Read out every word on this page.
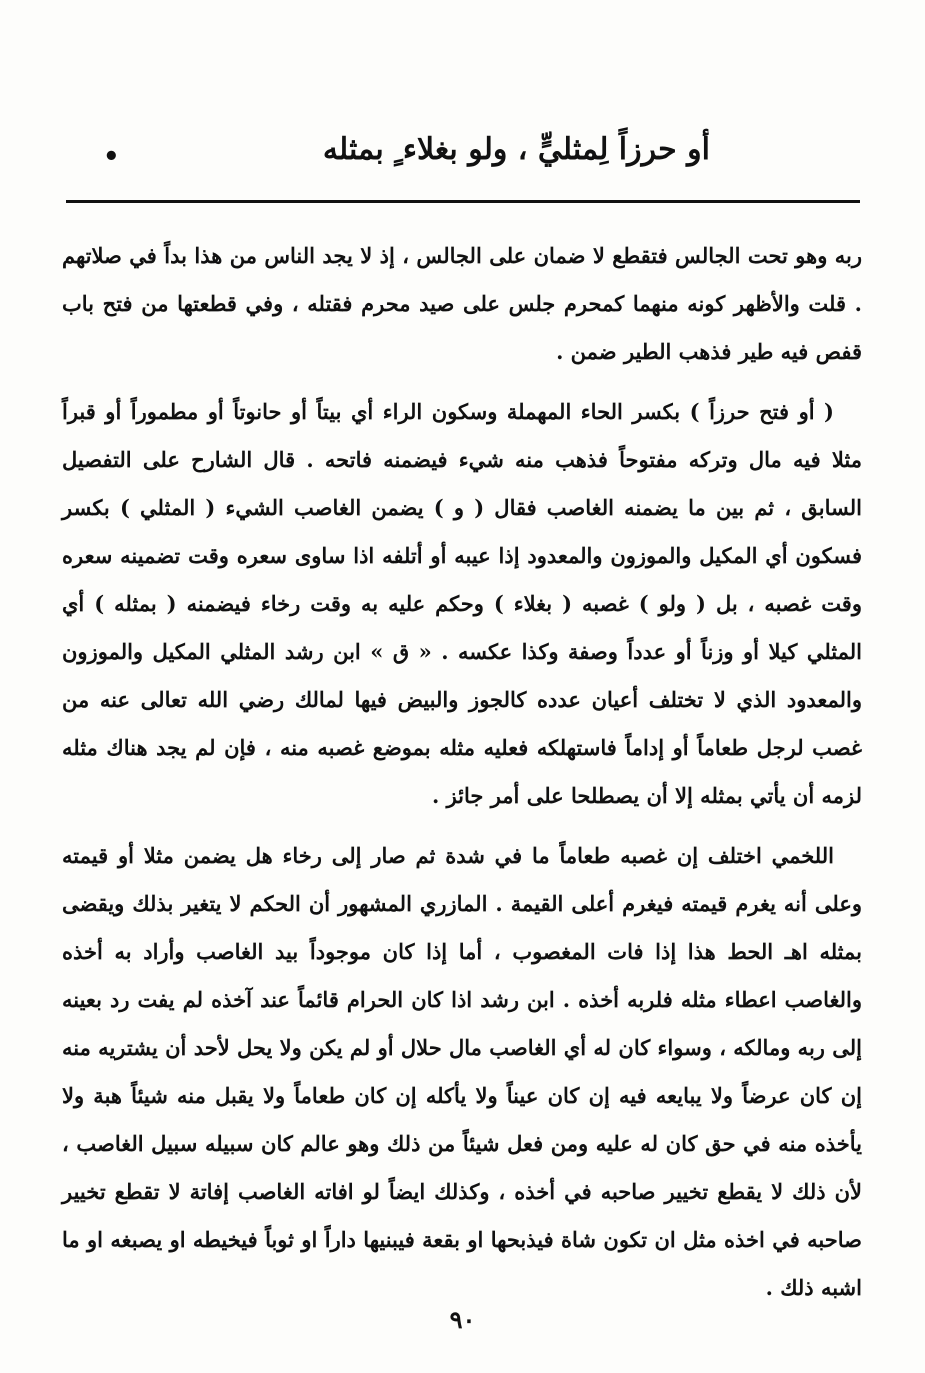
أو حرزاً لِمثليٍّ ، ولو بغلاء ٍ بمثله
•

ربه وهو تحت الجالس فتقطع لا ضمان على الجالس ، إذ لا يجد الناس من هذا بداً في صلاتهم . قلت والأظهر كونه منهما كمحرم جلس على صيد محرم فقتله ، وفي قطعتها من فتح باب قفص فيه طير فذهب الطير ضمن .

( أو فتح حرزاً ) بكسر الحاء المهملة وسكون الراء أي بيتاً أو حانوتاً أو مطموراً أو قبراً مثلا فيه مال وتركه مفتوحاً فذهب منه شيء فيضمنه فاتحه . قال الشارح على التفصيل السابق ، ثم بين ما يضمنه الغاصب فقال ( و ) يضمن الغاصب الشيء ( المثلي ) بكسر فسكون أي المكيل والموزون والمعدود إذا عيبه أو أتلفه اذا ساوى سعره وقت تضمينه سعره وقت غصبه ، بل ( ولو ) غصبه ( بغلاء ) وحكم عليه به وقت رخاء فيضمنه ( بمثله ) أي المثلي كيلا أو وزناً أو عدداً وصفة وكذا عكسه . « ق » ابن رشد المثلي المكيل والموزون والمعدود الذي لا تختلف أعيان عدده كالجوز والبيض فيها لمالك رضي الله تعالى عنه من غصب لرجل طعاماً أو إداماً فاستهلكه فعليه مثله بموضع غصبه منه ، فإن لم يجد هناك مثله لزمه أن يأتي بمثله إلا أن يصطلحا على أمر جائز .

اللخمي اختلف إن غصبه طعاماً ما في شدة ثم صار إلى رخاء هل يضمن مثلا أو قيمته وعلى أنه يغرم قيمته فيغرم أعلى القيمة . المازري المشهور أن الحكم لا يتغير بذلك ويقضى بمثله اهـ الحط هذا إذا فات المغصوب ، أما إذا كان موجوداً بيد الغاصب وأراد به أخذه والغاصب اعطاء مثله فلربه أخذه . ابن رشد اذا كان الحرام قائماً عند آخذه لم يفت رد بعينه إلى ربه ومالكه ، وسواء كان له أي الغاصب مال حلال أو لم يكن ولا يحل لأحد أن يشتريه منه إن كان عرضاً ولا يبايعه فيه إن كان عيناً ولا يأكله إن كان طعاماً ولا يقبل منه شيئاً هبة ولا يأخذه منه في حق كان له عليه ومن فعل شيئاً من ذلك وهو عالم كان سبيله سبيل الغاصب ، لأن ذلك لا يقطع تخيير صاحبه في أخذه ، وكذلك ايضاً لو افاته الغاصب إفاتة لا تقطع تخيير صاحبه في اخذه مثل ان تكون شاة فيذبحها او بقعة فيبنيها داراً او ثوباً فيخيطه او يصبغه او ما اشبه ذلك .

٩٠
